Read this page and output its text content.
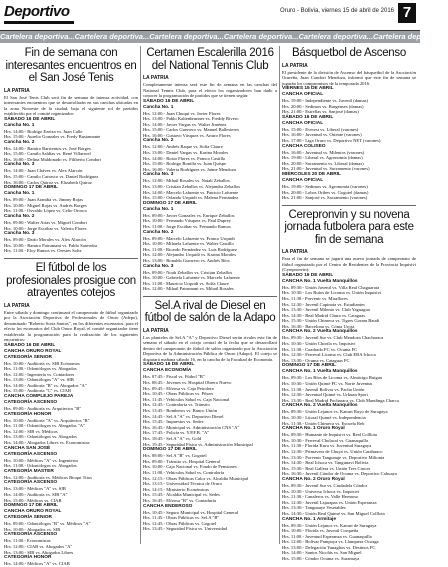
Deportivo	Oruro - Bolivia, viernes 15 de abril de 2016 7
Cartelera deportiva...Cartelera deportiva...Cartelera deportiva...Cartelera deportiva...Cartelera deportiva...Cartelera deportiva...
Fin de semana con interesantes encuentros en el San José Tenis
LA PATRIA

El San José Tenis Club será fin de semana de intensa actividad, con interesantes encuentros que se desarrollarán en sus canchas ubicadas en la zona Noroeste de la ciudad, bajo el siguiente rol de partidos establecido por el comité organizador:

SÁBADO 16 DE ABRIL
Cancha No. 1
Hrs. 14:00.- Rodrigo Ezeiza vs. Juan Calle
Hrs. 15:00.- Aurelio Gonzales vs. Fredy Bustamante
Cancha No. 2
Hrs. 14:00.- Ramiro Barrientos vs. José Borges
Hrs. 15:00.- Camilo Saldías vs. René Villarroel
Hrs. 16:00.- Delina Maldonado vs. Filiberto Condori
Cancha No. 3
Hrs. 14:00.- Juan Chávez vs. Alex Alarcón
Hrs. 15:00.- Camilo Carrasco vs. Daniel Rodríguez
Hrs. 16:00.- Carlos Quiroz vs. Elizabeth Quiroz
DOMINGO 17 DE ABRIL
Cancha No. 1
Hrs. 09:00.- Juan Arandia vs. Jimmy Rojas
Hrs. 10:00.- Miguel Rojas vs. Andrés Borges
Hrs. 11:00.- Osvaldo López vs. Celio Orosco
Cancha No. 2
Hrs. 09:00.- Walter Arias vs. Miguel Condori
Hrs. 10:00.- Jorge Escóbar vs. Valerio Flores
Cancha No. 3
Hrs. 09:00.- Darío Morales vs. Alex Alarcón
Hrs. 10:00.- Ramiro Pairumani vs. Pablo Saavedra
Hrs. 11:00.- Eloy Ramos vs. Orestes Soliz
El fútbol de los profesionales prosigue con atrayentes cotejos
LA PATRIA

Entre sábado y domingo continuará el campeonato de fútbol organizado por la Asociación Deportiva de Profesionales de Oruro (Adepo), denominado "Roberto Soria Santos", en los diferentes escenarios, para el efecto los escenarios del Club Oruro Royal, el comité organizador tiene establecida la programación para la realización de los siguientes encuentros:

SÁBADO 16 DE ABRIL
CANCHA ORURO ROYAL
CATEGORÍA SENIOR
Hrs. 10:00.- Auditoría vs. SIB Ecónomos
Hrs. 11:00.- Odontólogos vs. Abogados
Hrs. 12:00.- Ingeniería vs. Contadores
Hrs. 13:00.- Odontólogos "A" vs. SIB
Hrs. 14:00.- Auditoría "B" vs. Abogados "A"
Hrs. 15:00.- Auditoría "C" vs. CIAB
CANCHA COMPLEJO PAREJA
CATEGORÍA ASCENSO
Hrs. 09:00.- Auditoría vs. Arquitectos "B"
CATEGORÍA HONOR
Hrs. 10:00.- Auditoría "A" vs. Arquitectos "B"
Hrs. 11:00.- Odontólogos vs. Abogados "A"
Hrs. 12:00.- SIB vs. Médicos
Hrs. 13:00.- Odontólogos vs. Abogados
Hrs. 14:00.- Abogados Libres vs. Economistas
CANCHA SAN JOSÉ
CATEGORÍA ASCENSO
Hrs. 10:00.- Médicos "A" vs. Ingenieros
Hrs. 11:00.- Odontólogos vs. Abogados
CATEGORÍA MASTER
Hrs. 12:00.- Auditoría vs. Médicos Bioqui Titos
CATEGORÍA ASCENSO
Hrs. 13:00.- Médicos "A" vs. SIB
Hrs. 14:00.- Auditoría vs. SIB "A"
Hrs. 15:00.- Médicos vs. CIAB
DOMINGO 17 DE ABRIL
CANCHA ORURO ROYAL
CATEGORÍA SENIOR
Hrs. 09:00.- Odontólogos "B" vs. Médicos "A"
Hrs. 10:00.- Abogados vs. SIB
CATEGORÍA ASCENSO
Hrs. 11:00.- Economistas
Hrs. 12:00.- CIAB vs. Abogados "A"
Hrs. 13:00.- SIB vs. Abogados Libres
CATEGORÍA HONOR
Hrs. 14:00.- Médicos "A" vs. CIAB
Certamen Escalerilla 2016 del National Tennis Club
LA PATRIA

Completamente intensa será este fin de semana en las canchas del National Tennis Club, para el efecto los organizadores han dado a conocer la programación de partidos que se tienen según:

SÁBADO 16 DE ABRIL
Cancha No. 1
Hrs. 12:00.- Juan Chuquí vs. Javier Flores
Hrs. 13:00.- Pablo Kaltenbrunner vs. Freddy Rivero
Hrs. 14:00.- Javier Vargas vs. Walter Jiménez
Hrs. 15:00.- Carlos Guerrero vs. Manuel Ballesteros
Hrs. 16:00.- Gustavo Vásquez vs. Arturo Flores
Cancha No. 2
Hrs. 12:00.- Andrés Raque vs. Sofía Claure
Hrs. 13:00.- Daniel Vargas vs. Karina Morales
Hrs. 14:00.- Rosio Flores vs. Franco Castillo
Hrs. 15:00.- Rodrigo Bonilla vs. Juan Quispe
Hrs. 16:00.- Valeria Rodríguez vs. Jaime Mendoza
Cancha No. 3
Hrs. 12:00.- Mihail Rosales vs. Natalí Zeballos
Hrs. 13:00.- Cristian Zeballos vs. Alejandra Zeballos
Hrs. 14:00.- Marcelo Lafuente vs. Patricio Lafuente
Hrs. 15:00.- Orlando Urquidi vs. Malena Fernández
DOMINGO 17 DE ABRIL
Cancha No. 1
Hrs. 09:00.- Javier Gonzales vs. Enrique Zeballos
Hrs. 10:00.- Fernando Vásquez vs. Paul Duprey
Hrs. 11:00.- Jorge Escóbar vs. Fernando Ramos
Cancha No. 2
Hrs. 09:00.- Marcelo Lafuente vs. Franco Urquidi
Hrs. 10:00.- Mihaela Lafuente vs. Walter Castillo
Hrs. 11:00.- Ricardo Fernández vs. Luis Rodríguez
Hrs. 12:00.- Alejandro Urquidi vs. Karina Morales
Hrs. 13:00.- Ronaldo Guerrero vs. Andrés Ríos
Cancha No. 3
Hrs. 09:00.- Noah Zeballos vs. Cristian Zeballos
Hrs. 10:00.- Gabriela Lafuente vs. Marcelo Lafuente
Hrs. 11:00.- Mauricio Urquidi vs. Sofía Claure
Hrs. 12:00.- Mihail Pairumani vs. Mihail Rosales
Sel.A rival de Diesel en fútbol de salón de la Adapo
LA PATRIA

Los planteles de Sel.A "A" y Deportivo Diesel serán rivales este fin de semana el sábado en el cotejo central de la fecha que se desarrollará dentro del campeonato de fútbol de salón organizado por la Asociación Deportiva de la Administración Pública de Oruro (Adapo). El cotejo se disputará mañana sábado 16, en la cancha de la Facultad de Economía.

SÁBADO 16 DE ABRIL
CANCHA ECONOMÍA
Hrs. 07:45.- Fiscal vs. Fútbol "B"
Hrs. 08:45.- Jóvenes vs. Hospital Obrero Nuevo
Hrs. 09:45.- Elfeosa vs. Caja Petrolera
Hrs. 10:45.- Obras Públicas vs. Pilsen
Hrs. 11:45.- Vehículos Salud vs. Caja Nacional
Hrs. 12:45.- Contraloría vs. Tránsito
Hrs. 13:45.- Bomberos vs. Banco Unión
Hrs. 14:45.- Sel.A "A" vs. Deportivo Diesel
Hrs. 15:45.- Impuestos vs. Sedes
Hrs. 16:45.- Municipal vs. Administración CNS "A"
Hrs. 17:45.- Policía vs. Y.P.F.B. "A"
Hrs. 18:45.- Sel.A "A" vs. Gold
Hrs. 19:45.- Seguridad Física vs. Administración Municipal
DOMINGO 17 DE ABRIL
Hrs. 08:00.- Sel.A "B" vs. Gogotel
Hrs. 09:00.- Tránsito vs. Hospital General
Hrs. 10:00.- Caja Nacional vs. Fondo de Pensiones
Hrs. 11:00.- Vehículos Salud vs. Contraloría
Hrs. 12:15.- Obras Públicas Calor vs. Alcaldía Municipal
Hrs. 13:15.- Universidad Técnica de Oruro
Hrs. 14:15.- Ministerio Económicas
Hrs. 15:45.- Alcaldía Municipal vs. Sedes
Hrs. 16:45.- Elfeosa "B" vs. Contaduría
CANCHA ENDEROSO
Hrs. 10:45.- Seguro Municipal vs. Hospital General
Hrs. 11:45.- Obras Públicas vs. Sel.A "B"
Hrs. 12:45.- Obras Públicas vs. Gogotel
Hrs. 13:45.- Seguridad Física vs. Universidad
Básquetbol de Ascenso
LA PATRIA

El presidente de la división de Ascenso del básquetbol de la Asociación Orureña, Juan Condori Mendoza, informó que este fin de semana se jugarán los compromisos de la temporada 2016.

VIERNES 15 DE ABRIL
CANCHA OFICIAL
Hrs. 19:00.- Independiente vs. Juvenil (damas)
Hrs. 20:00.- Sedimos vs. Burgenses (damas)
Hrs. 21:00.- Estrellas vs. Sanjosé (damas)
SÁBADO 16 DE ABRIL
CANCHA OFICIAL
Hrs. 15:00.- Everest vs. Liberal (varones)
Hrs. 16:00.- Juventud vs. Oriente (varones)
Hrs. 17:00.- Liga Oruro vs. Deportivo NET (varones)
CANCHA COLISEO
Hrs. 16:00.- Juventud vs. Milenios (varones)
Hrs. 19:00.- Liberal vs. Agronomía (damas)
Hrs. 20:00.- Sacramento vs. Liberal (damas)
Hrs. 21:00.- Juventud vs. Sacramento (varones)
MIÉRCOLES 20 DE ABRIL
CANCHA OFICIAL
Hrs. 19:00.- Sedimos vs. Agronomía (varones)
Hrs. 20:00.- Lobos Oribes vs. Gogotel (damas)
Hrs. 21:00.- Sanjosé vs. Sacramento (varones)
Cerepronvin y su novena jornada futbolera para este fin de semana
LA PATRIA

Para el fin de semana se jugará una nueva jornada de campeonato de fútbol organizado por el Centro de Residentes de la Provincia Inquisivi (Cerepronvin):

SÁBADO 16 DE ABRIL
CANCHA No. 1 Vuelta Manquillos
Hrs. 09:30.- Unión Juvenil vs. Villa Real Chaguarata
Hrs. 10:30.- Los Ruíos de Licoma vs. Unión Inquisivi
Hrs. 11:30.- Porvenir vs. Miraflores
Hrs. 12:30.- Juvenil Capinota vs. Estudiantes
Hrs. 13:30.- Juvenil Milenio vs. Club Yaguagua
Hrs. 14:30.- Real Madrid Chura vs. Cataguas
Hrs. 15:30.- Unión Chimeca vs. Tigres Goram Baudi
Hrs. 16:30.- Barcelona vs. Cóma Urcza
CANCHA No. 2 Vuelta Manquillos
Hrs. 09:30.- Juvenil Sur vs. Club Mendoza Chacharaca
Hrs. 10:30.- Unión Chorila vs. Inquisivi
Hrs. 11:30.- Cuadrado FC vs. Ocuma FC
Hrs. 12:30.- Ferreval Licoma vs. Club EBA Ichoca
Hrs. 13:30.- Ocuma vs. Cataguas FC
DOMINGO 17 DE ABRIL
CANCHA No. 1 Vuelta Manquillos
Hrs. 09:30.- Los Ríos de Licoma vs. Almácigo Ruigaa
Hrs. 10:30.- Unión Quimé FC vs. Norte Juventus
Hrs. 11:30.- Juvenil Bolívar vs. Pacha Unión
Hrs. 12:30.- Juventud Quimé vs. Urkuan Sport
Hrs. 13:30.- Real Madrid Pocharaca vs. Club Mandinga Charca
CANCHA No. 2 Vuelta Manquillos
Hrs. 09:30.- Unión Lejanos vs. Kanuri Ruyo de Suragaya
Hrs. 10:30.- Litoral Quimé vs. Independencia
Hrs. 11:30.- Unión Chimeca vs. Escuela Reb
CANCHA No. 1 Oruro Royal
Hrs. 09:30.- Humante de Inquisivi vs. Real Colllota
Hrs. 10:30.- Ferreval Cholacaí vs. Guanaquilla
Hrs. 11:30.- Florida Kuru vs. Juventud Suragaya
Hrs. 12:30.- Primavera de Chuya vs. Unión Carahuaco
Hrs. 13:30.- Porvenir Tangunaje vs. Deportivo Milionia
Hrs. 14:30.- Real Ichoca vs. Tangunavi Bolivia
Hrs. 15:30.- Real Gallera vs. Unión Tres Cruces
Hrs. 16:30.- Juvenil Cóndor de Ocuma vs. Deportivo Cohuaya
CANCHA No. 2 Oruro Royal
Hrs. 09:30.- Juvenil Sur vs. Ciudadela Cóndor
Hrs. 10:30.- Universo Ichoca vs. Inquisivi
Hrs. 11:30.- Canaleros vs. Valle Hermoso
Hrs. 12:30.- Juvenil Lajarapas vs. Unión Esperanza
Hrs. 13:30.- Tangunaye Vesetables
Hrs. 14:30.- Unión Real Quimé vs. San Miguel Colllota
CANCHA No. 1 Armitaje
Hrs. 09:30.- Unión Lejanos vs. Kanuri de Suragaya
Hrs. 10:00.- Florida vs. Juvenil Corqueña
Hrs. 11:00.- Juventud Esperanza vs. Guanaquilla
Hrs. 12:00.- Bolívar Pampoya vs. Llanquera Ocoaga
Hrs. 13:00.- Delegación Yanaghos vs. Destinos FC
Hrs. 14:00.- Santos Nicolás vs. San Miguel
Hrs. 15:00.- Cóndor Ocuma vs. Suramaya
